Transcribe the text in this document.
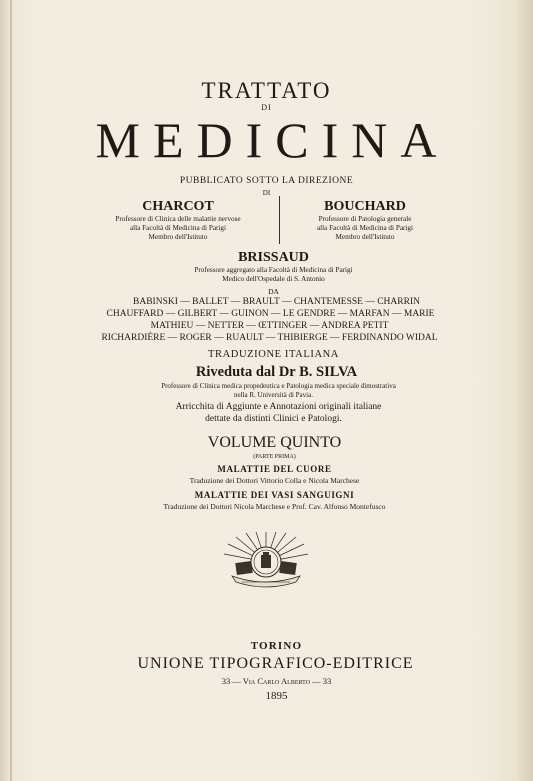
TRATTATO
DI
MEDICINA
PUBBLICATO SOTTO LA DIREZIONE
DI
CHARCOT
Professore di Clinica delle malattie nervose
alla Facoltà di Medicina di Parigi
Membro dell'Istituto
BOUCHARD
Professore di Patologia generale
alla Facoltà di Medicina di Parigi
Membro dell'Istituto
BRISSAUD
Professore aggregato alla Facoltà di Medicina di Parigi
Medico dell'Ospedale di S. Antonio
DA
BABINSKI — BALLET — BRAULT — CHANTEMESSE — CHARRIN
CHAUFFARD — GILBERT — GUINON — LE GENDRE — MARFAN — MARIE
MATHIEU — NETTER — ŒTTINGER — ANDREA PETIT
RICHARDIÈRE — ROGER — RUAULT — THIBIERGE — FERDINANDO WIDAL
TRADUZIONE ITALIANA
Riveduta dal Dr B. SILVA
Professore di Clinica medica propedeutica e Patologia medica speciale dimostrativa
nella R. Università di Pavia.
Arricchita di Aggiunte e Annotazioni originali italiane
dettate da distinti Clinici e Patologi.
VOLUME QUINTO
(PARTE PRIMA)
MALATTIE DEL CUORE
Traduzione dei Dottori Vittorio Colla e Nicola Marchese
MALATTIE DEI VASI SANGUIGNI
Traduzione dei Dottori Nicola Marchese e Prof. Cav. Alfonso Montefusco
TORINO
UNIONE TIPOGRAFICO-EDITRICE
33 — Via Carlo Alberto — 33
1895
